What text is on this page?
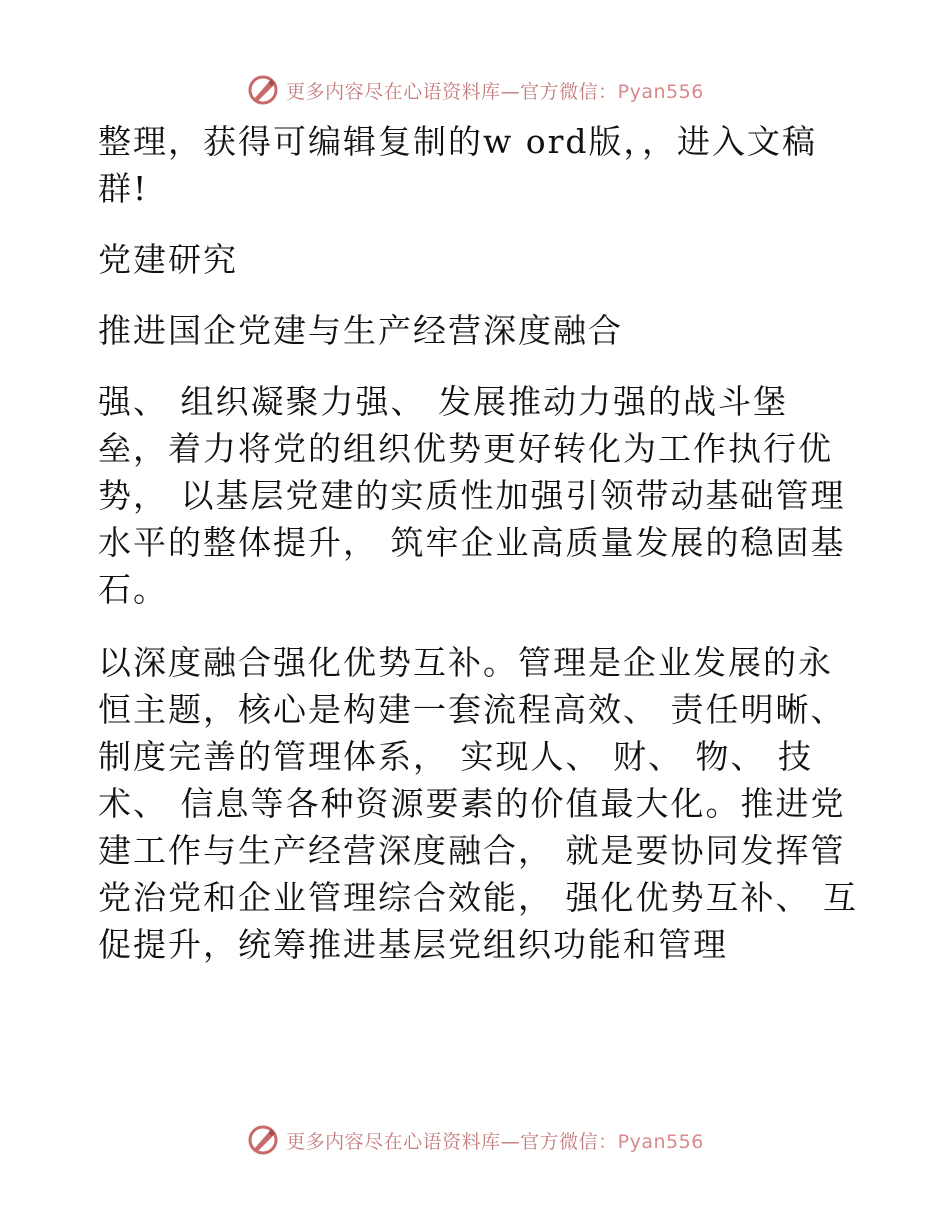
更多内容尽在心语资料库—官方微信：Pyan556
整理，获得可编辑复制的w ord版，，进入文稿
群!
党建研究
推进国企党建与生产经营深度融合
强、 组织凝聚力强、 发展推动力强的战斗堡
垒，着力将党的组织优势更好转化为工作执行优
势， 以基层党建的实质性加强引领带动基础管理
水平的整体提升， 筑牢企业高质量发展的稳固基
石。
以深度融合强化优势互补。管理是企业发展的永
恒主题，核心是构建一套流程高效、 责任明晰、
制度完善的管理体系， 实现人、 财、 物、 技
术、 信息等各种资源要素的价值最大化。推进党
建工作与生产经营深度融合， 就是要协同发挥管
党治党和企业管理综合效能， 强化优势互补、 互
促提升，统筹推进基层党组织功能和管理
更多内容尽在心语资料库—官方微信：Pyan556
